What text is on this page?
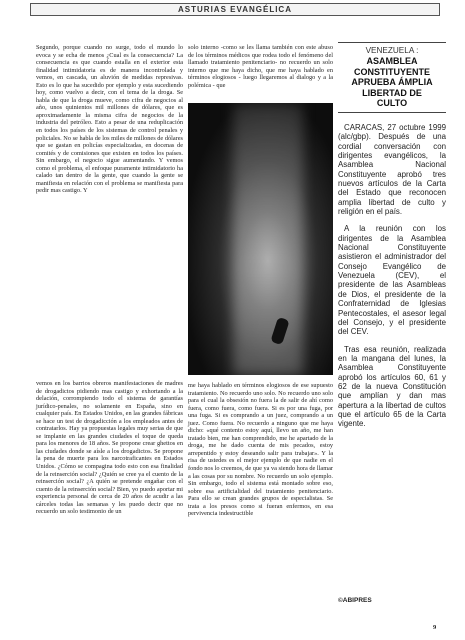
ASTURIAS EVANGÉLICA

Segundo, porque cuando no surge, todo el mundo lo evoca y se echa de menos ¿Cual es la consecuencia? La consecuencia es que cuando estalla en el exterior esta finalidad intimidatoria es de manera incontrolada y vemos, en cascada, un aluvión de medidas represivas. Esto es lo que ha sucedido por ejemplo y esta sucediendo hoy, como vuelvo a decir, con el tema de la droga. Se habla de que la droga mueve, como cifra de negocios al año, unos quinientos mil millones de dólares, que es aproximadamente la misma cifra de negocios de la industria del petróleo. Esto a pesar de una reduplicación en todos los países de los sistemas de control penales y policiales. No se habla de los miles de millones de dólares que se gastan en policías especializadas, en docenas de comités y de comisiones que existen en todos los países. Sin embargo, el negocio sigue aumentando. Y vemos como el problema, el enfoque puramente intimidatorio ha calado tan dentro de la gente, que cuando la gente se manifiesta en relación con el problema se manifiesta para pedir mas castigo. Y

vemos en los barrios obreros manifestaciones de madres de drogadictos pidiendo mas castigo y exhortando a la delación, corrompiendo todo el sistema de garantías jurídico-penales, no solamente en España, sino en cualquier país. En Estados Unidos, en las grandes fábricas se hace un test de drogadicción a los empleados antes de contratarlos. Hay ya propuestas legales muy serias de que se implante en las grandes ciudades el toque de queda para los menores de 18 años. Se propone crear ghettos en las ciudades donde se aísle a los drogadictos. Se propone la pena de muerte para los narcotraficantes en Estados Unidos. ¿Cómo se compagina todo esto con esa finalidad de la reinserción social? ¿Quién se cree ya el cuento de la reinserción social? ¿A quién se pretende engañar con el cuento de la reinserción social? Bien, yo puedo aportar mi experiencia personal de cerca de 20 años de acudir a las cárceles todas las semanas y les puedo decir que no recuerdo un solo testimonio de un

solo interno -como se les llama también con este abuso de los términos médicos que rodea todo el fenómeno del llamado tratamiento penitenciario- no recuerdo un solo interno que me haya dicho, que me haya hablado en términos elogiosos - luego llegaremos al dialogo y a la polémica - que

me haya hablado en términos elogiosos de ese supuesto tratamiento. No recuerdo uno solo. No recuerdo uno solo para el cual la obsesión no fuera la de salir de ahí como fuera, como fuera, como fuera. Si es por una fuga, por una fuga. Si es comprando a un juez, comprando a un juez. Como fuera. No recuerdo a ninguno que me haya dicho: «qué contento estoy aquí, llevo un año, me han tratado bien, me han comprendido, me he apartado de la droga, me he dado cuenta de mis pecados, estoy arrepentido y estoy deseando salir para trabajar». Y la risa de ustedes es el mejor ejemplo de que nadie en el fondo nos lo creemos, de que ya va siendo hora de llamar a las cosas por su nombre. No recuerdo un solo ejemplo. Sin embargo, todo el sistema está montado sobre eso, sobre esa artificialidad del tratamiento penitenciario. Para ello se crean grandes grupos de especialistas. Se trata a los presos como si fueran enfermos, en esa pervivencia indestructible

VENEZUELA :
ASAMBLEA
CONSTITUYENTE
APRUEBA ÁMPLIA
LIBERTAD DE
CULTO

CARACAS, 27 octubre 1999 (alc/gbp). Después de una cordial conversación con dirigentes evangélicos, la Asamblea Nacional Constituyente aprobó tres nuevos artículos de la Carta del Estado que reconocen amplia libertad de culto y religión en el país.

A la reunión con los dirigentes de la Asamblea Nacional Constituyente asistieron el administrador del Consejo Evangélico de Venezuela (CEV), el presidente de las Asambleas de Dios, el presidente de la Confraternidad de Iglesias Pentecostales, el asesor legal del Consejo, y el presidente del CEV.

Tras esa reunión, realizada en la mangana del lunes, la Asamblea Constituyente aprobó los artículos 60, 61 y 62 de la nueva Constitución que amplían y dan mas apertura a la libertad de cultos que el artículo 65 de la Carta vigente.

©ABIPRES
9
